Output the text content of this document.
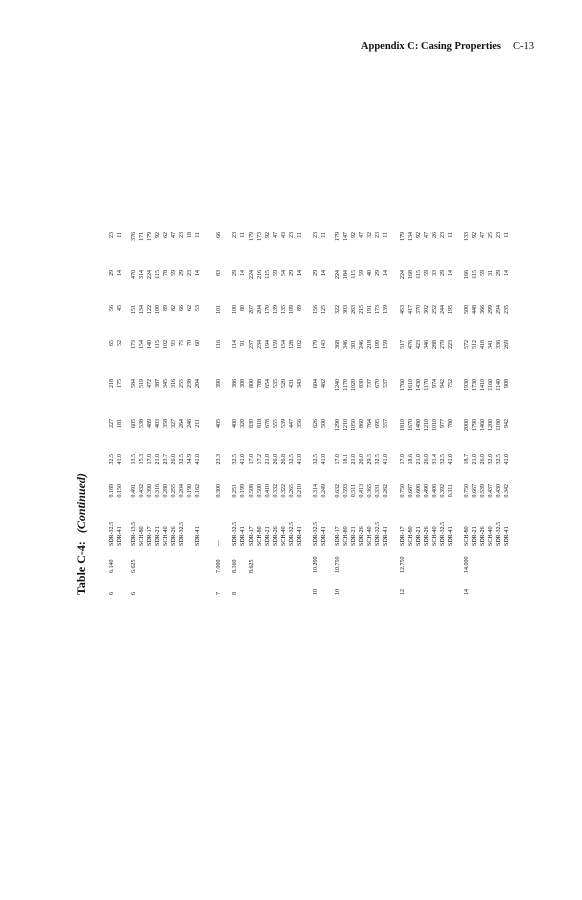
Appendix C: Casing Properties C-13
Table C-4:(Continued)
6
6.140
SDR-32.5
0.189
32.5
227
218
65
56
29
23
SDR-41
0.150
41.0
181
175
52
45
14
11
6
6.625
SDR-13.5
0.491
13.5
605
584
173
151
470
376
SCH-80
0.432
15.3
538
519
154
134
314
171
SDR-17
0.390
17.0
489
472
140
122
224
179
SDR-21
0.316
21.0
403
387
115
100
115
92
SCH-40
0.280
23.7
358
345
102
89
78
62
SDR-26
0.255
26.0
327
316
93
82
59
47
SDR-32.5
0.204
32.5
264
255
75
66
29
23
0.190
34.9
246
238
70
62
23
18
SDR-41
0.162
41.0
211
204
60
53
14
11
7
7.000
—
0.300
23.3
405
390
116
101
83
66
8
8.160
SDR-32.5
0.251
32.5
400
386
114
100
29
23
SDR-41
0.199
41.0
320
308
91
80
14
11
8.625
SDR-17
0.508
17.0
830
800
237
207
224
179
SCH-80
0.500
17.2
818
788
234
204
216
173
SDR-21
0.410
21.0
678
654
194
170
115
92
SDR-26
0.332
26.0
555
535
159
139
59
47
SCH-40
0.322
26.8
539
520
154
135
54
43
SDR-32.5
0.265
32.5
447
431
128
109
29
23
SDR-41
0.210
41.0
356
343
102
89
14
11
10
10.200
SDR-32.5
0.314
32.5
626
604
179
156
29
23
SDR-41
0.249
41.0
500
482
143
125
14
11
10
10.750
SDR-17
0.632
17.0
1290
1240
368
322
224
179
SCH-80
0.593
18.1
1210
1170
346
303
184
147
SDR-21
0.511
21.0
1050
1020
301
263
115
92
SDR-26
0.413
26.0
860
830
246
215
59
47
SCH-40
0.365
29.5
764
737
218
191
40
32
SDR-32.5
0.331
32.5
695
670
199
173
29
23
SDR-41
0.262
41.0
557
537
159
139
14
11
12
12.750
SDR-17
0.750
17.0
1810
1760
517
453
224
179
SCH-80
0.687
18.6
1670
1610
476
417
168
134
SDR-21
0.606
21.0
1480
1430
423
370
115
92
SDR-26
0.490
26.0
1210
1170
346
302
59
47
SCH-40
0.406
31.4
1010
974
288
252
33
26
SDR-32.5
0.392
32.5
977
942
279
244
29
23
SDR-41
0.311
41.0
780
752
223
195
14
11
14
14.000
SCH-80
0.750
18.7
2000
1930
572
500
166
133
SDR-21
0.667
21.0
1790
1730
512
448
115
92
SDR-26
0.539
26.0
1460
1410
418
366
59
47
SCH-40
0.437
32.0
1200
1160
341
299
31
25
SDR-32.5
0.430
32.5
1180
1140
336
294
29
23
SDR-41
0.342
41.0
942
908
269
235
14
11
